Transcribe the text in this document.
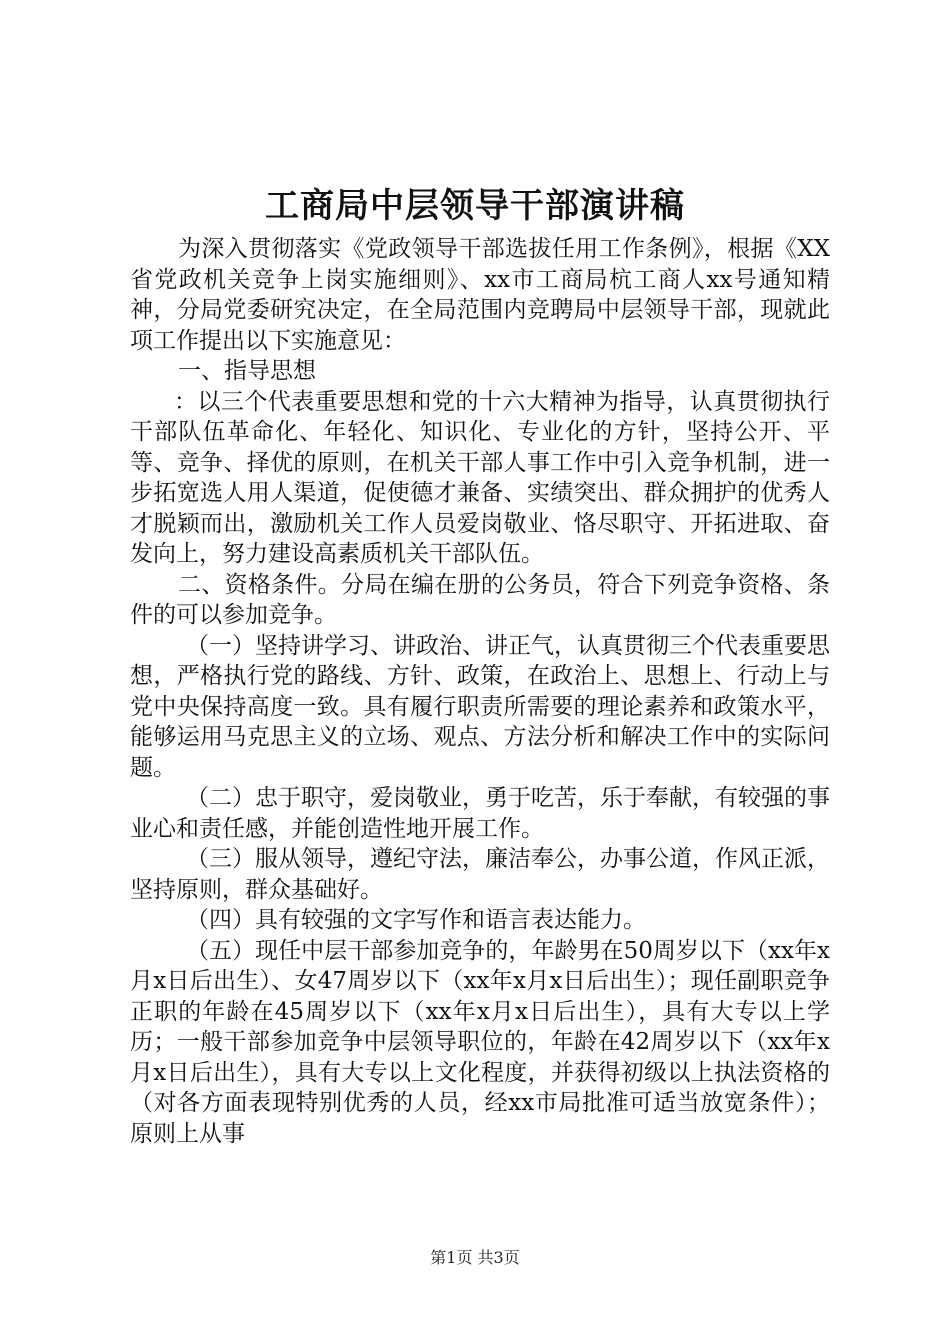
工商局中层领导干部演讲稿

为深入贯彻落实《党政领导干部选拔任用工作条例》，根据《XX省党政机关竞争上岗实施细则》、xx市工商局杭工商人xx号通知精神，分局党委研究决定，在全局范围内竞聘局中层领导干部，现就此项工作提出以下实施意见：

一、指导思想

：以三个代表重要思想和党的十六大精神为指导，认真贯彻执行干部队伍革命化、年轻化、知识化、专业化的方针，坚持公开、平等、竞争、择优的原则，在机关干部人事工作中引入竞争机制，进一步拓宽选人用人渠道，促使德才兼备、实绩突出、群众拥护的优秀人才脱颖而出，激励机关工作人员爱岗敬业、恪尽职守、开拓进取、奋发向上，努力建设高素质机关干部队伍。

二、资格条件。分局在编在册的公务员，符合下列竞争资格、条件的可以参加竞争。

（一）坚持讲学习、讲政治、讲正气，认真贯彻三个代表重要思想，严格执行党的路线、方针、政策，在政治上、思想上、行动上与党中央保持高度一致。具有履行职责所需要的理论素养和政策水平，能够运用马克思主义的立场、观点、方法分析和解决工作中的实际问题。

（二）忠于职守，爱岗敬业，勇于吃苦，乐于奉献，有较强的事业心和责任感，并能创造性地开展工作。

（三）服从领导，遵纪守法，廉洁奉公，办事公道，作风正派，坚持原则，群众基础好。

（四）具有较强的文字写作和语言表达能力。

（五）现任中层干部参加竞争的，年龄男在50周岁以下（xx年x月x日后出生）、女47周岁以下（xx年x月x日后出生）；现任副职竞争正职的年龄在45周岁以下（xx年x月x日后出生），具有大专以上学历；一般干部参加竞争中层领导职位的，年龄在42周岁以下（xx年x月x日后出生），具有大专以上文化程度，并获得初级以上执法资格的（对各方面表现特别优秀的人员，经xx市局批准可适当放宽条件）；原则上从事

第1页 共3页
